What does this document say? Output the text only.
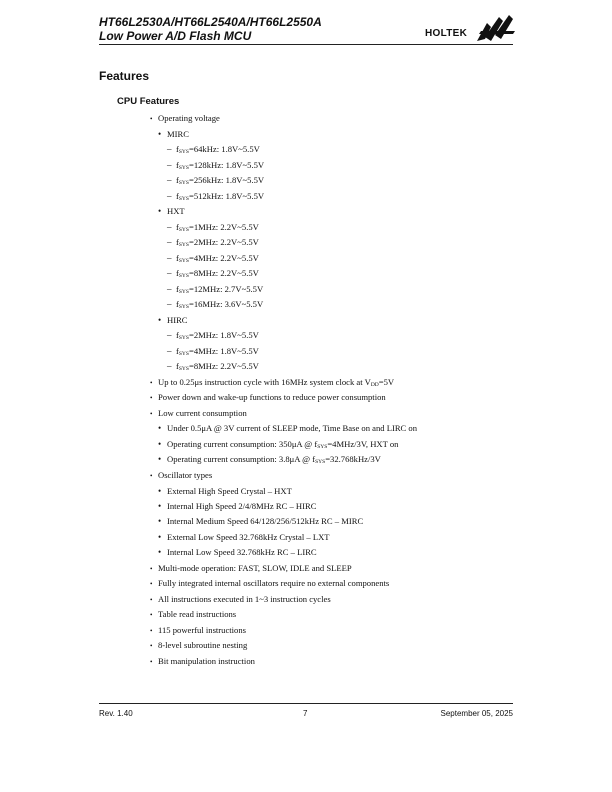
HT66L2530A/HT66L2540A/HT66L2550A
Low Power A/D Flash MCU	HOLTEK
Features
CPU Features
• Operating voltage
• MIRC
– $f_{SYS}=64kHz$: 1.8V~5.5V
– $f_{SYS}=128kHz$: 1.8V~5.5V
– $f_{SYS}=256kHz$: 1.8V~5.5V
– $f_{SYS}=512kHz$: 1.8V~5.5V
• HXT
– $f_{SYS}=1MHz$: 2.2V~5.5V
– $f_{SYS}=2MHz$: 2.2V~5.5V
– $f_{SYS}=4MHz$: 2.2V~5.5V
– $f_{SYS}=8MHz$: 2.2V~5.5V
– $f_{SYS}=12MHz$: 2.7V~5.5V
– $f_{SYS}=16MHz$: 3.6V~5.5V
• HIRC
– $f_{SYS}=2MHz$: 1.8V~5.5V
– $f_{SYS}=4MHz$: 1.8V~5.5V
– $f_{SYS}=8MHz$: 2.2V~5.5V
• Up to 0.25μs instruction cycle with 16MHz system clock at $V_{DD}=5V$
• Power down and wake-up functions to reduce power consumption
• Low current consumption
• Under 0.5μA @ 3V current of SLEEP mode, Time Base on and LIRC on
• Operating current consumption: 350μA @ $f_{SYS}=4MHz/3V$, HXT on
• Operating current consumption: 3.8μA @ $f_{SYS}=32.768kHz/3V$
• Oscillator types
• External High Speed Crystal – HXT
• Internal High Speed 2/4/8MHz RC – HIRC
• Internal Medium Speed 64/128/256/512kHz RC – MIRC
• External Low Speed 32.768kHz Crystal – LXT
• Internal Low Speed 32.768kHz RC – LIRC
• Multi-mode operation: FAST, SLOW, IDLE and SLEEP
• Fully integrated internal oscillators require no external components
• All instructions executed in 1~3 instruction cycles
• Table read instructions
• 115 powerful instructions
• 8-level subroutine nesting
• Bit manipulation instruction
Rev. 1.40	7	September 05, 2025
